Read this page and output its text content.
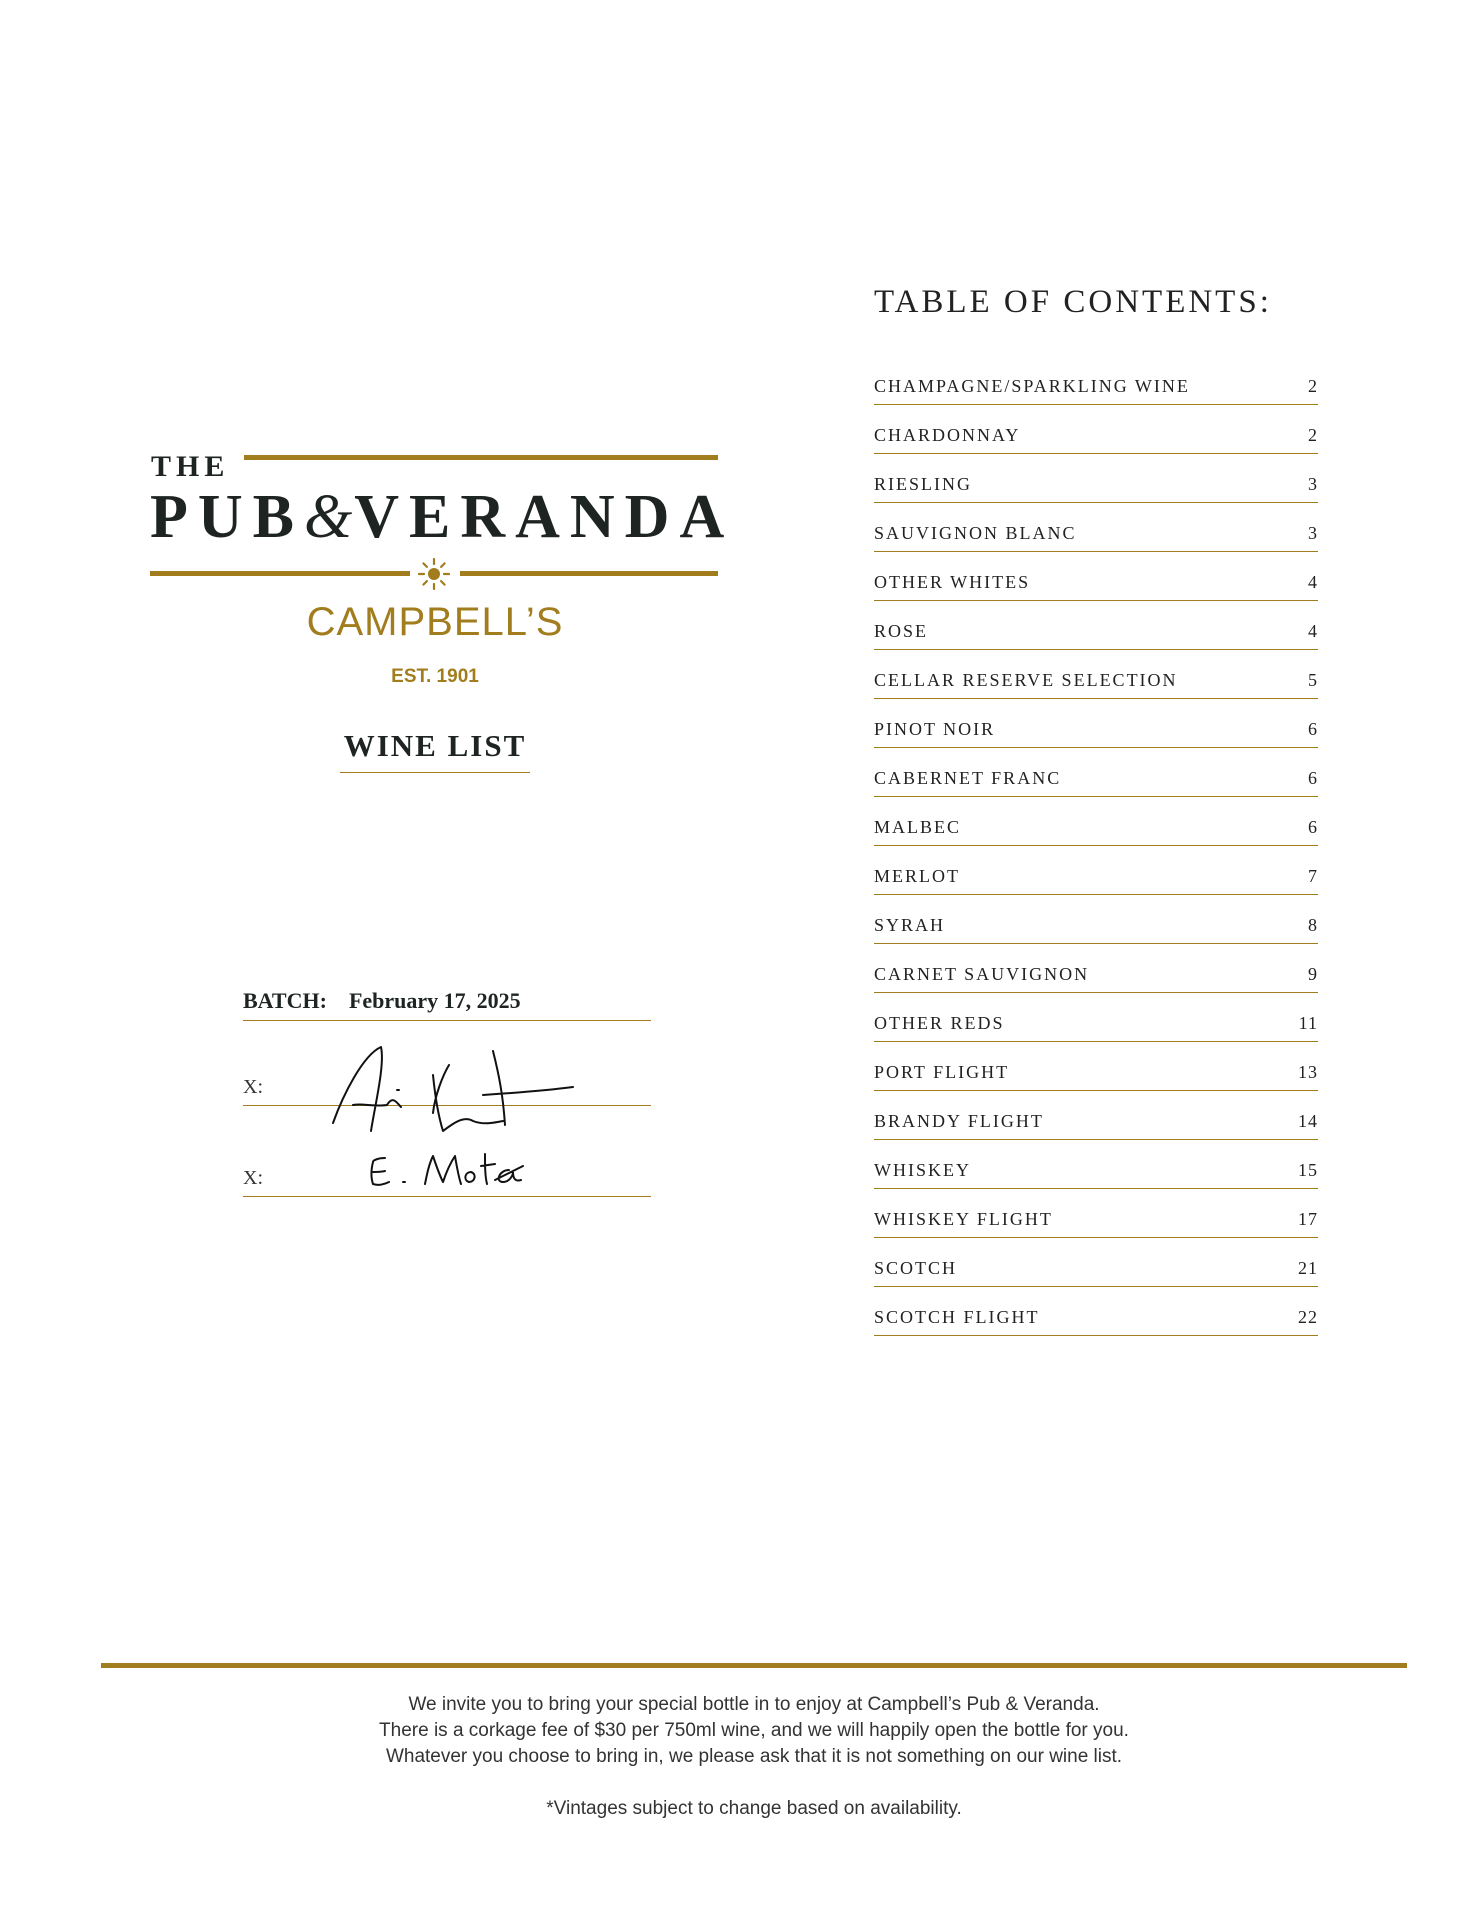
THE
PUB&VERANDA
CAMPBELL’S
EST. 1901
WINE LIST
BATCH: February 17, 2025
X:
X:
TABLE OF CONTENTS:
CHAMPAGNE/SPARKLING WINE	2
CHARDONNAY	2
RIESLING	3
SAUVIGNON BLANC	3
OTHER WHITES	4
ROSE	4
CELLAR RESERVE SELECTION	5
PINOT NOIR	6
CABERNET FRANC	6
MALBEC	6
MERLOT	7
SYRAH	8
CARNET SAUVIGNON	9
OTHER REDS	11
PORT FLIGHT	13
BRANDY FLIGHT	14
WHISKEY	15
WHISKEY FLIGHT	17
SCOTCH	21
SCOTCH FLIGHT	22
We invite you to bring your special bottle in to enjoy at Campbell’s Pub & Veranda.
There is a corkage fee of $30 per 750ml wine, and we will happily open the bottle for you.
Whatever you choose to bring in, we please ask that it is not something on our wine list.
*Vintages subject to change based on availability.
